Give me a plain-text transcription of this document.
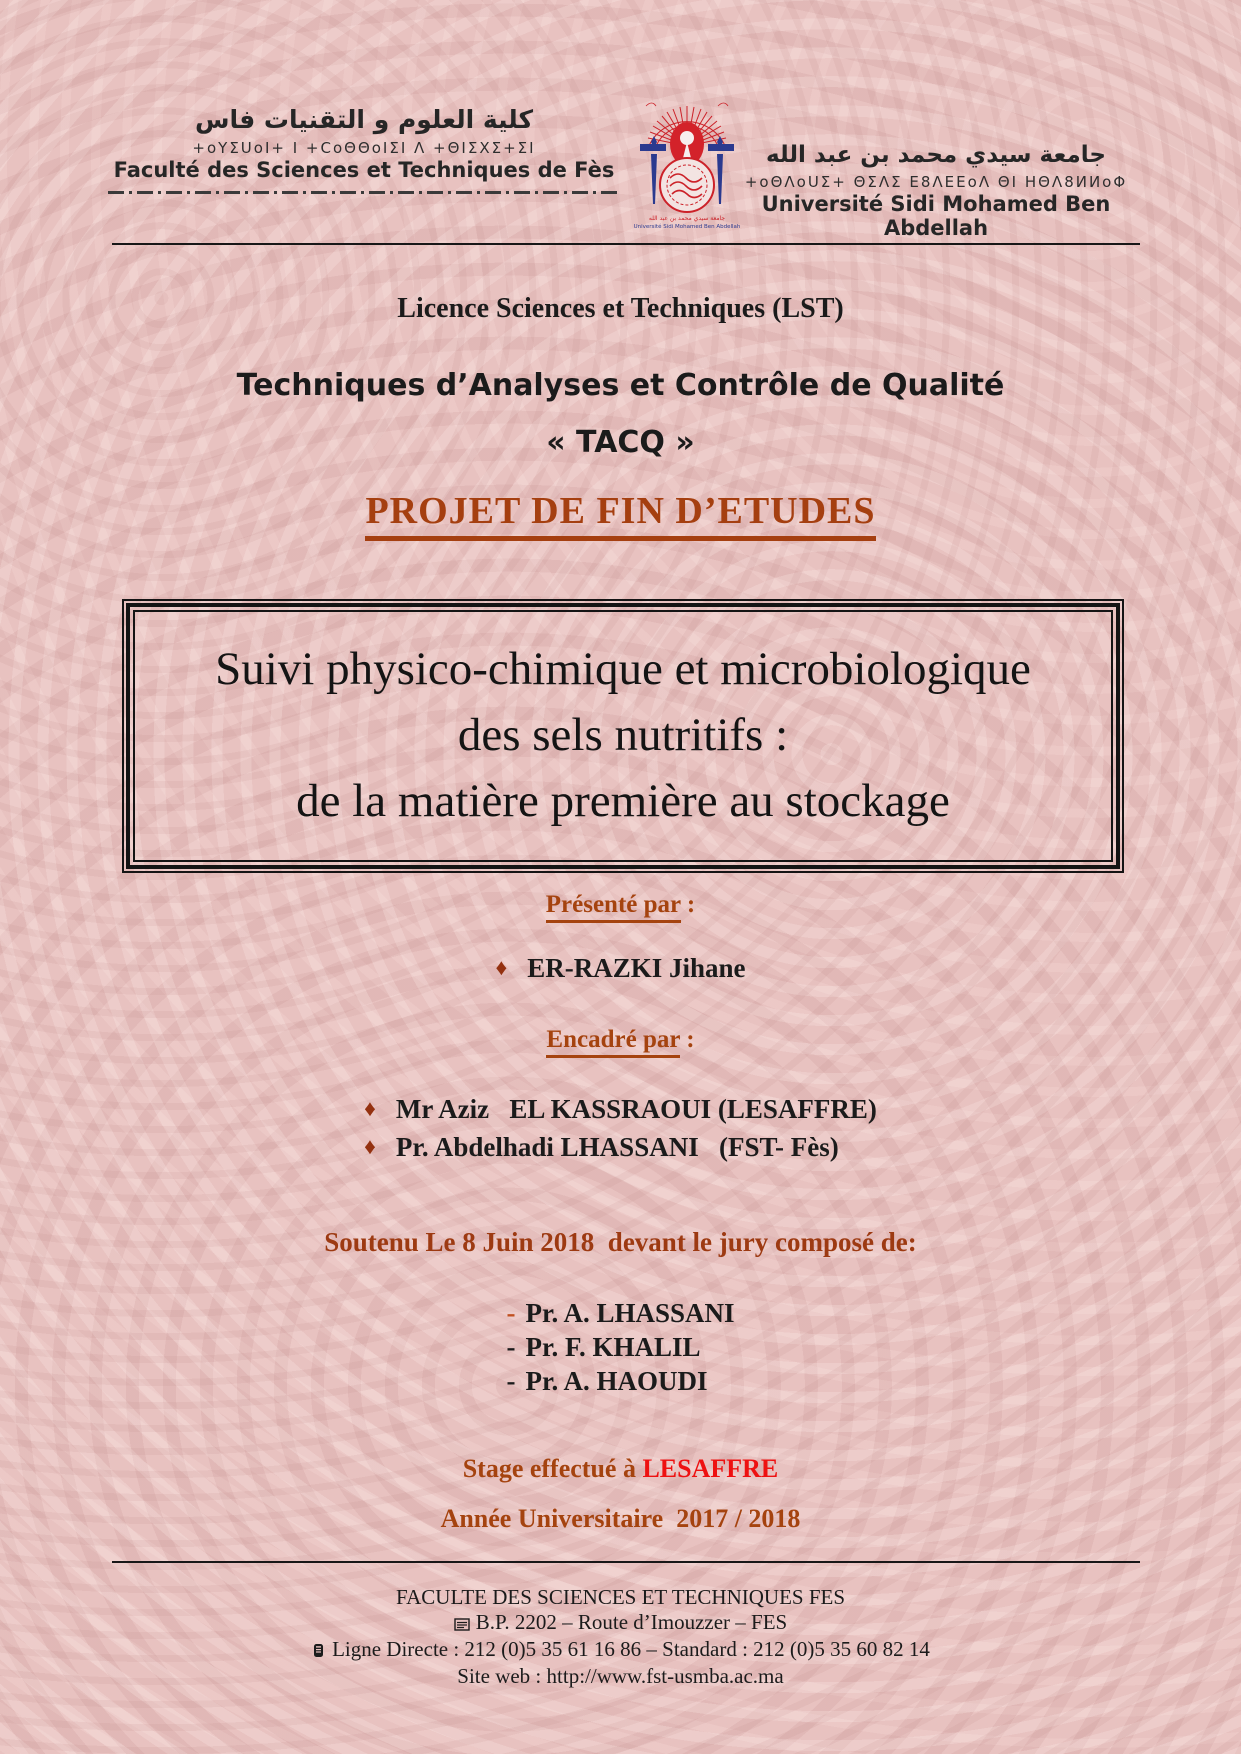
كلية العلوم و التقنيات فاس
+oYΣUoI+ I +CoΘΘoIΣI Λ +ΘIΣXΣ+ΣI
Faculté des Sciences et Techniques de Fès
جامعة سيدي محمد بن عبد الله
Université Sidi Mohamed Ben Abdellah
جامعة سيدي محمد بن عبد الله
+oΘΛoUΣ+ ΘΣΛΣ Ε8ΛΕΕoΛ ΘI ΗΘΛ8ИИoΦ
Université Sidi Mohamed Ben Abdellah
Licence Sciences et Techniques (LST)
Techniques d’Analyses et Contrôle de Qualité
« TACQ »
PROJET DE FIN D’ETUDES
Suivi physico-chimique et microbiologique
des sels nutritifs :
de la matière première au stockage
Présenté par :
♦ ER-RAZKI Jihane
Encadré par :
♦ Mr Aziz   EL KASSRAOUI (LESAFFRE)
♦ Pr. Abdelhadi LHASSANI   (FST- Fès)
Soutenu Le 8 Juin 2018  devant le jury composé de:
- Pr. A. LHASSANI
- Pr. F. KHALIL
- Pr. A. HAOUDI
Stage effectué à LESAFFRE
Année Universitaire  2017 / 2018
FACULTE DES SCIENCES ET TECHNIQUES FES
B.P. 2202 – Route d’Imouzzer – FES
Ligne Directe : 212 (0)5 35 61 16 86 – Standard : 212 (0)5 35 60 82 14
Site web : http://www.fst-usmba.ac.ma
